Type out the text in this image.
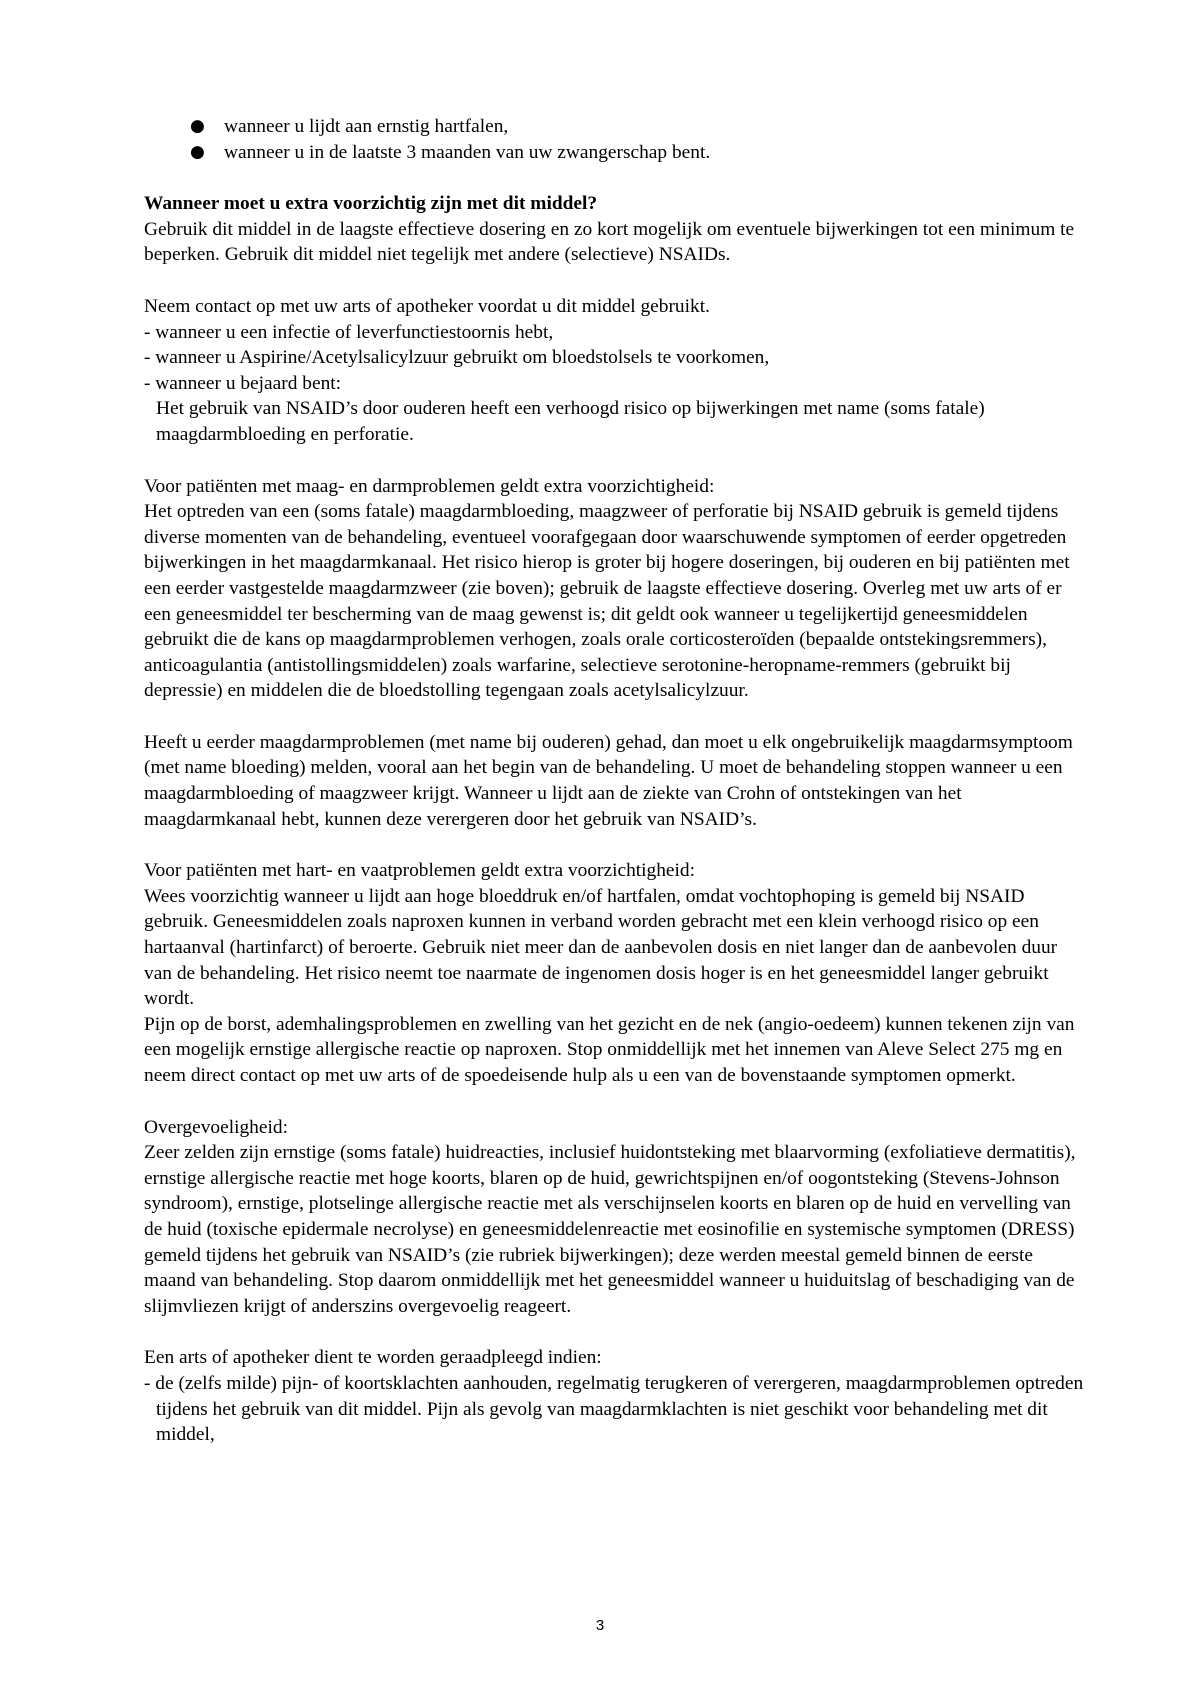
● wanneer u lijdt aan ernstig hartfalen,
● wanneer u in de laatste 3 maanden van uw zwangerschap bent.

Wanneer moet u extra voorzichtig zijn met dit middel?

Gebruik dit middel in de laagste effectieve dosering en zo kort mogelijk om eventuele bijwerkingen tot een minimum te beperken. Gebruik dit middel niet tegelijk met andere (selectieve) NSAIDs.

Neem contact op met uw arts of apotheker voordat u dit middel gebruikt.

- wanneer u een infectie of leverfunctiestoornis hebt,

- wanneer u Aspirine/Acetylsalicylzuur gebruikt om bloedstolsels te voorkomen,

- wanneer u bejaard bent:

Het gebruik van NSAID’s door ouderen heeft een verhoogd risico op bijwerkingen met name (soms fatale) maagdarmbloeding en perforatie.

Voor patiënten met maag- en darmproblemen geldt extra voorzichtigheid:

Het optreden van een (soms fatale) maagdarmbloeding, maagzweer of perforatie bij NSAID gebruik is gemeld tijdens diverse momenten van de behandeling, eventueel voorafgegaan door waarschuwende symptomen of eerder opgetreden bijwerkingen in het maagdarmkanaal. Het risico hierop is groter bij hogere doseringen, bij ouderen en bij patiënten met een eerder vastgestelde maagdarmzweer (zie boven); gebruik de laagste effectieve dosering. Overleg met uw arts of er een geneesmiddel ter bescherming van de maag gewenst is; dit geldt ook wanneer u tegelijkertijd geneesmiddelen gebruikt die de kans op maagdarmproblemen verhogen, zoals orale corticosteroïden (bepaalde ontstekingsremmers), anticoagulantia (antistollingsmiddelen) zoals warfarine, selectieve serotonine-heropname-remmers (gebruikt bij depressie) en middelen die de bloedstolling tegengaan zoals acetylsalicylzuur.

Heeft u eerder maagdarmproblemen (met name bij ouderen) gehad, dan moet u elk ongebruikelijk maagdarmsymptoom (met name bloeding) melden, vooral aan het begin van de behandeling. U moet de behandeling stoppen wanneer u een maagdarmbloeding of maagzweer krijgt. Wanneer u lijdt aan de ziekte van Crohn of ontstekingen van het maagdarmkanaal hebt, kunnen deze verergeren door het gebruik van NSAID’s.

Voor patiënten met hart- en vaatproblemen geldt extra voorzichtigheid:

Wees voorzichtig wanneer u lijdt aan hoge bloeddruk en/of hartfalen, omdat vochtophoping is gemeld bij NSAID gebruik. Geneesmiddelen zoals naproxen kunnen in verband worden gebracht met een klein verhoogd risico op een hartaanval (hartinfarct) of beroerte. Gebruik niet meer dan de aanbevolen dosis en niet langer dan de aanbevolen duur van de behandeling. Het risico neemt toe naarmate de ingenomen dosis hoger is en het geneesmiddel langer gebruikt wordt.

Pijn op de borst, ademhalingsproblemen en zwelling van het gezicht en de nek (angio-oedeem) kunnen tekenen zijn van een mogelijk ernstige allergische reactie op naproxen. Stop onmiddellijk met het innemen van Aleve Select 275 mg en neem direct contact op met uw arts of de spoedeisende hulp als u een van de bovenstaande symptomen opmerkt.

Overgevoeligheid:

Zeer zelden zijn ernstige (soms fatale) huidreacties, inclusief huidontsteking met blaarvorming (exfoliatieve dermatitis), ernstige allergische reactie met hoge koorts, blaren op de huid, gewrichtspijnen en/of oogontsteking (Stevens-Johnson syndroom), ernstige, plotselinge allergische reactie met als verschijnselen koorts en blaren op de huid en vervelling van de huid (toxische epidermale necrolyse) en geneesmiddelenreactie met eosinofilie en systemische symptomen (DRESS) gemeld tijdens het gebruik van NSAID’s (zie rubriek bijwerkingen); deze werden meestal gemeld binnen de eerste maand van behandeling. Stop daarom onmiddellijk met het geneesmiddel wanneer u huiduitslag of beschadiging van de slijmvliezen krijgt of anderszins overgevoelig reageert.

Een arts of apotheker dient te worden geraadpleegd indien:

- de (zelfs milde) pijn- of koortsklachten aanhouden, regelmatig terugkeren of verergeren, maagdarmproblemen optreden tijdens het gebruik van dit middel. Pijn als gevolg van maagdarmklachten is niet geschikt voor behandeling met dit middel,

3
